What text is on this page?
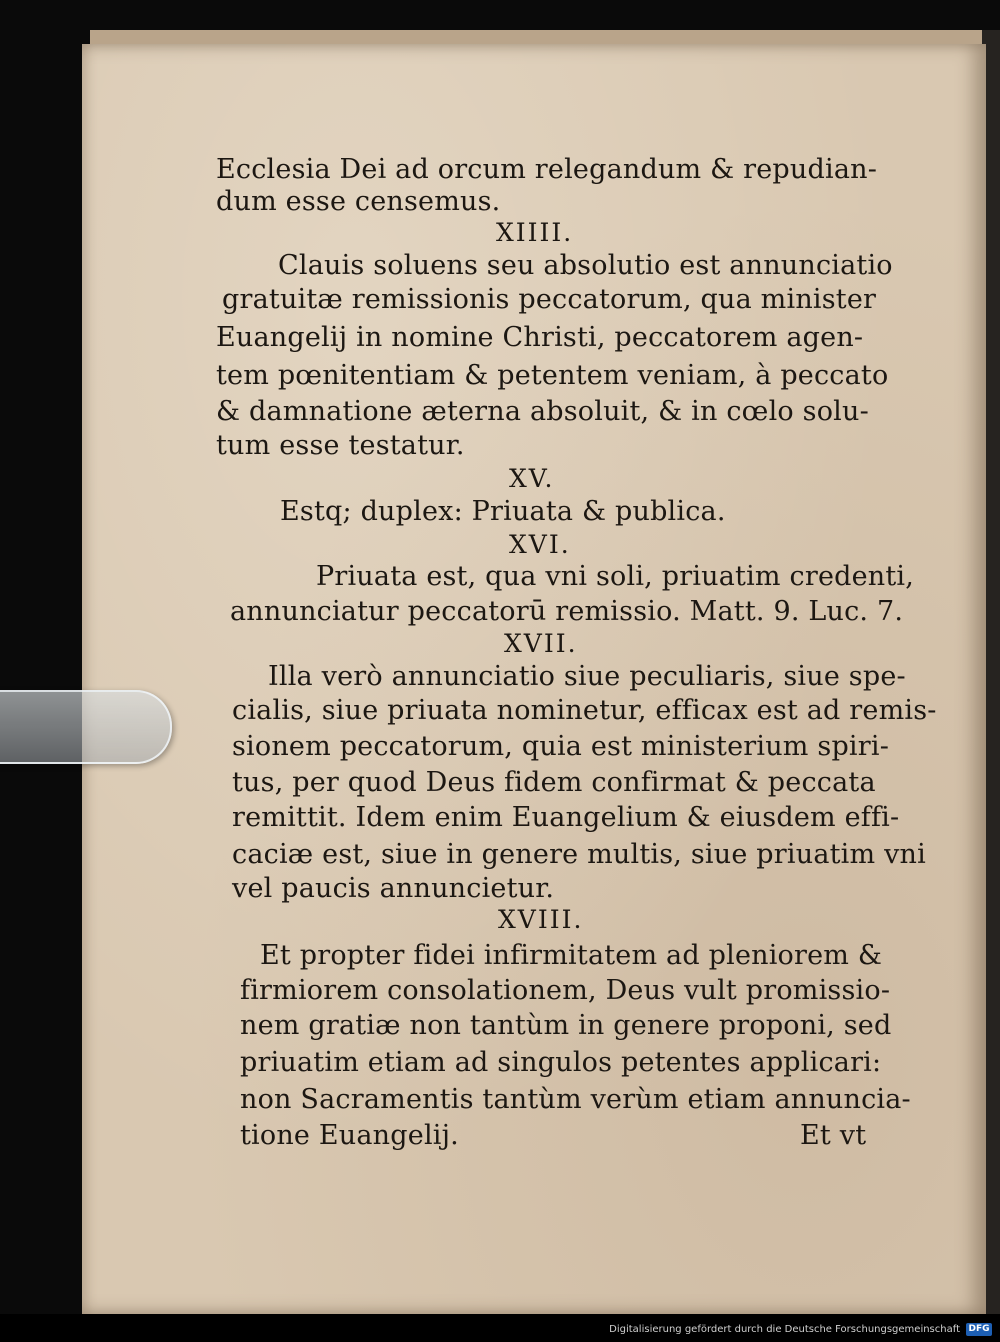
Ecclesia Dei ad orcum relegandum & repudian-
dum esse censemus.
XIIII.
Clauis soluens seu absolutio est annunciatio
gratuitæ remissionis peccatorum, qua minister
Euangelij in nomine Christi, peccatorem agen-
tem pœnitentiam & petentem veniam, à peccato
& damnatione æterna absoluit, & in cœlo solu-
tum esse testatur.
XV.
Estq; duplex: Priuata & publica.
XVI.
Priuata est, qua vni soli, priuatim credenti,
annunciatur peccatorū remissio. Matt. 9. Luc. 7.
XVII.
Illa verò annunciatio siue peculiaris, siue spe-
cialis, siue priuata nominetur, efficax est ad remis-
sionem peccatorum, quia est ministerium spiri-
tus, per quod Deus fidem confirmat & peccata
remittit. Idem enim Euangelium & eiusdem effi-
caciæ est, siue in genere multis, siue priuatim vni
vel paucis annuncietur.
XVIII.
Et propter fidei infirmitatem ad pleniorem &
firmiorem consolationem, Deus vult promissio-
nem gratiæ non tantùm in genere proponi, sed
priuatim etiam ad singulos petentes applicari:
non Sacramentis tantùm verùm etiam annuncia-
tione Euangelij.	Et vt
Digitalisierung gefördert durch die Deutsche Forschungsgemeinschaft DFG
